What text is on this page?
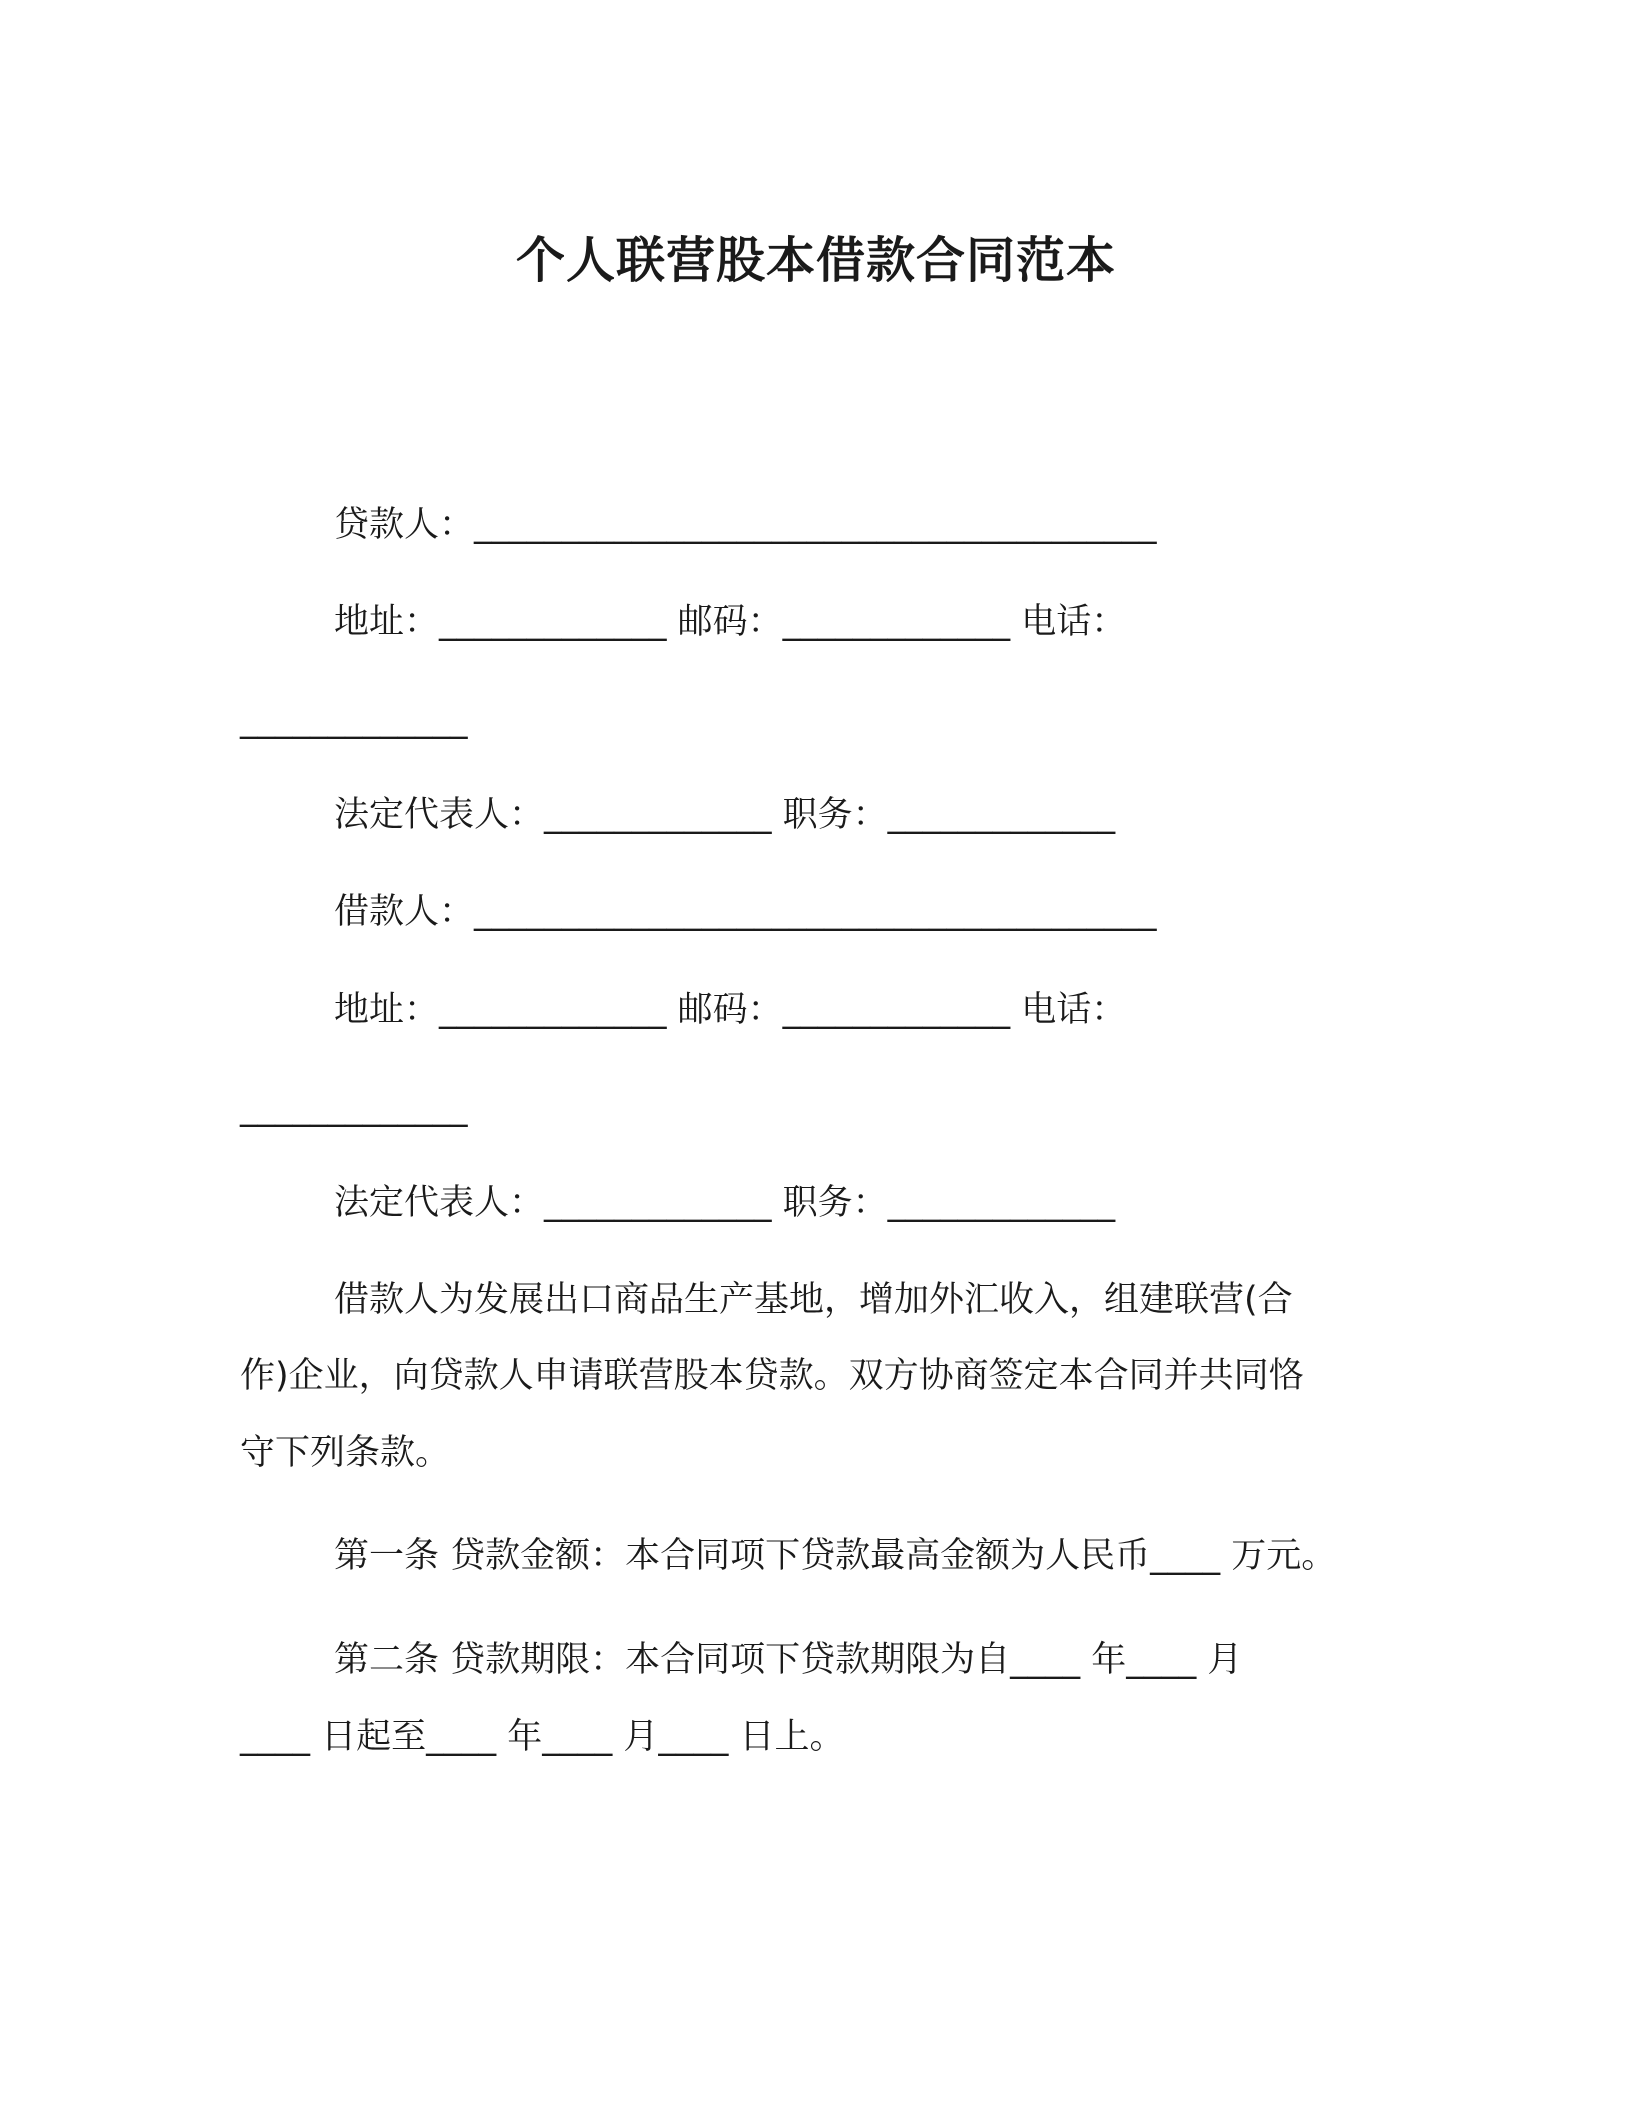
个人联营股本借款合同范本
贷款人：_______________________________________
地址：_____________ 邮码：_____________ 电话：
_____________
法定代表人：_____________ 职务：_____________
借款人：_______________________________________
地址：_____________ 邮码：_____________ 电话：
_____________
法定代表人：_____________ 职务：_____________
借款人为发展出口商品生产基地，增加外汇收入，组建联营(合
作)企业，向贷款人申请联营股本贷款。双方协商签定本合同并共同恪
守下列条款。
第一条 贷款金额：本合同项下贷款最高金额为人民币____ 万元。
第二条 贷款期限：本合同项下贷款期限为自____ 年____ 月
____ 日起至____ 年____ 月____ 日上。
